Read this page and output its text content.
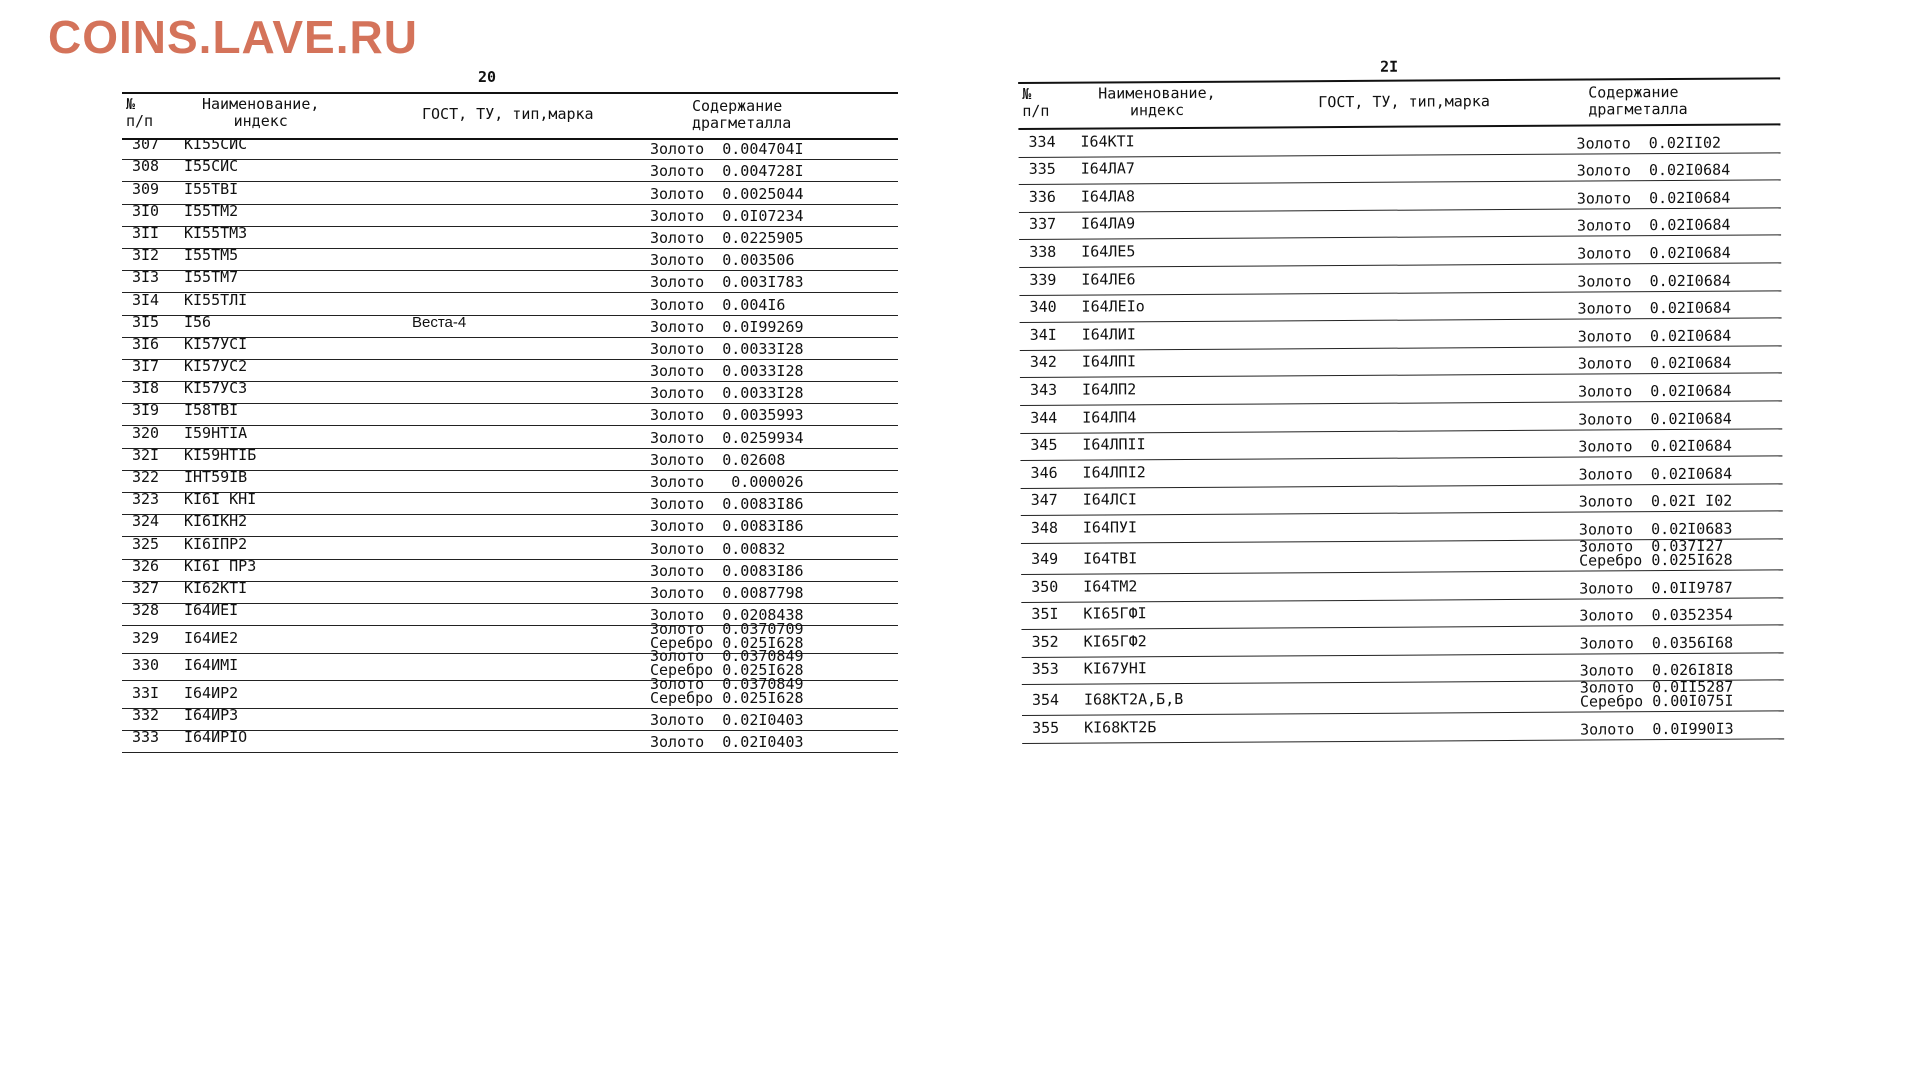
COINS.LAVE.RU
20
№
п/п
Наименование,
индекс	ГОСТ, ТУ, тип,марка	Содержание
драгметалла
307 КI55СИС	Золото  0.004704I
308 I55СИС	Золото  0.004728I
309 I55ТВI	Золото  0.0025044
3I0 I55ТМ2	Золото  0.0I07234
3II КI55ТМ3	Золото  0.0225905
3I2 I55ТМ5	Золото  0.003506
3I3 I55ТМ7	Золото  0.003I783
3I4 КI55ТЛI	Золото  0.004I6
3I5 I56	Веста-4	Золото  0.0I99269
3I6 КI57УСI	Золото  0.0033I28
3I7 КI57УС2	Золото  0.0033I28
3I8 КI57УС3	Золото  0.0033I28
3I9 I58ТВI	Золото  0.0035993
320 I59НТIА	Золото  0.0259934
32I КI59НТIБ	Золото  0.02608
322 IНТ59IВ	Золото   0.000026
323 КI6I КНI	Золото  0.0083I86
324 КI6IКН2	Золото  0.0083I86
325 КI6IПР2	Золото  0.00832
326 КI6I ПР3	Золото  0.0083I86
327 КI62КТI	Золото  0.0087798
328 I64ИЕI	Золото  0.0208438
329 I64ИЕ2	Золото  0.0370709
Серебро 0.025I628
330 I64ИМI	Золото  0.0370849
Серебро 0.025I628
33I I64ИР2	Золото  0.0370849
Серебро 0.025I628
332 I64ИР3	Золото  0.02I0403
333 I64ИРIO	Золото  0.02I0403
2I
№
п/п
Наименование,
индекс	ГОСТ, ТУ, тип,марка	Содержание
драгметалла
334 I64КТI	Золото  0.02II02
335 I64ЛА7	Золото  0.02I0684
336 I64ЛА8	Золото  0.02I0684
337 I64ЛА9	Золото  0.02I0684
338 I64ЛЕ5	Золото  0.02I0684
339 I64ЛЕ6	Золото  0.02I0684
340 I64ЛЕIо	Золото  0.02I0684
34I I64ЛИI	Золото  0.02I0684
342 I64ЛПI	Золото  0.02I0684
343 I64ЛП2	Золото  0.02I0684
344 I64ЛП4	Золото  0.02I0684
345 I64ЛПII	Золото  0.02I0684
346 I64ЛПI2	Золото  0.02I0684
347 I64ЛСI	Золото  0.02I I02
348 I64ПУI	Золото  0.02I0683
349 I64ТВI
Золото  0.037I27
Серебро 0.025I628
350 I64ТМ2	Золото  0.0II9787
35I КI65ГФI	Золото  0.0352354
352 КI65ГФ2	Золото  0.0356I68
353 КI67УНI	Золото  0.026I8I8
354 I68КТ2А,Б,В
Золото  0.0II5287
Серебро 0.00I075I
355 КI68КТ2Б	Золото  0.0I990I3
